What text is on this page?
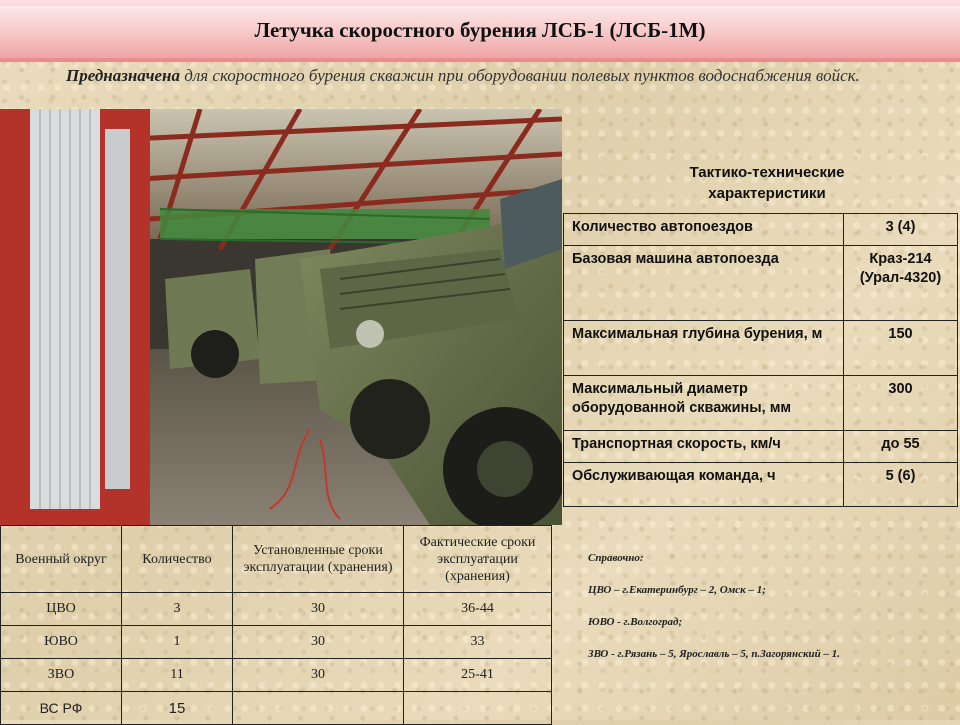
Летучка скоростного бурения ЛСБ-1 (ЛСБ-1М)
Предназначена для скоростного бурения скважин при оборудовании полевых пунктов водоснабжения войск.
Тактико-технические характеристики
Количество автопоездов	3 (4)
Базовая машина автопоезда	Краз-214 (Урал-4320)
Максимальная глубина бурения, м	150
Максимальный диаметр оборудованной скважины, мм	300
Транспортная скорость, км/ч	до 55
Обслуживающая команда, ч	5 (6)
Военный округ	Количество	Установленные сроки эксплуатации (хранения)	Фактические сроки эксплуатации (хранения)
ЦВО	3	30	36-44
ЮВО	1	30	33
ЗВО	11	30	25-41
ВС РФ	15		
Справочно:
ЦВО – г.Екатеринбург – 2, Омск – 1;
ЮВО - г.Волгоград;
ЗВО - г.Рязань – 5, Ярославль – 5, п.Загорянский – 1.
